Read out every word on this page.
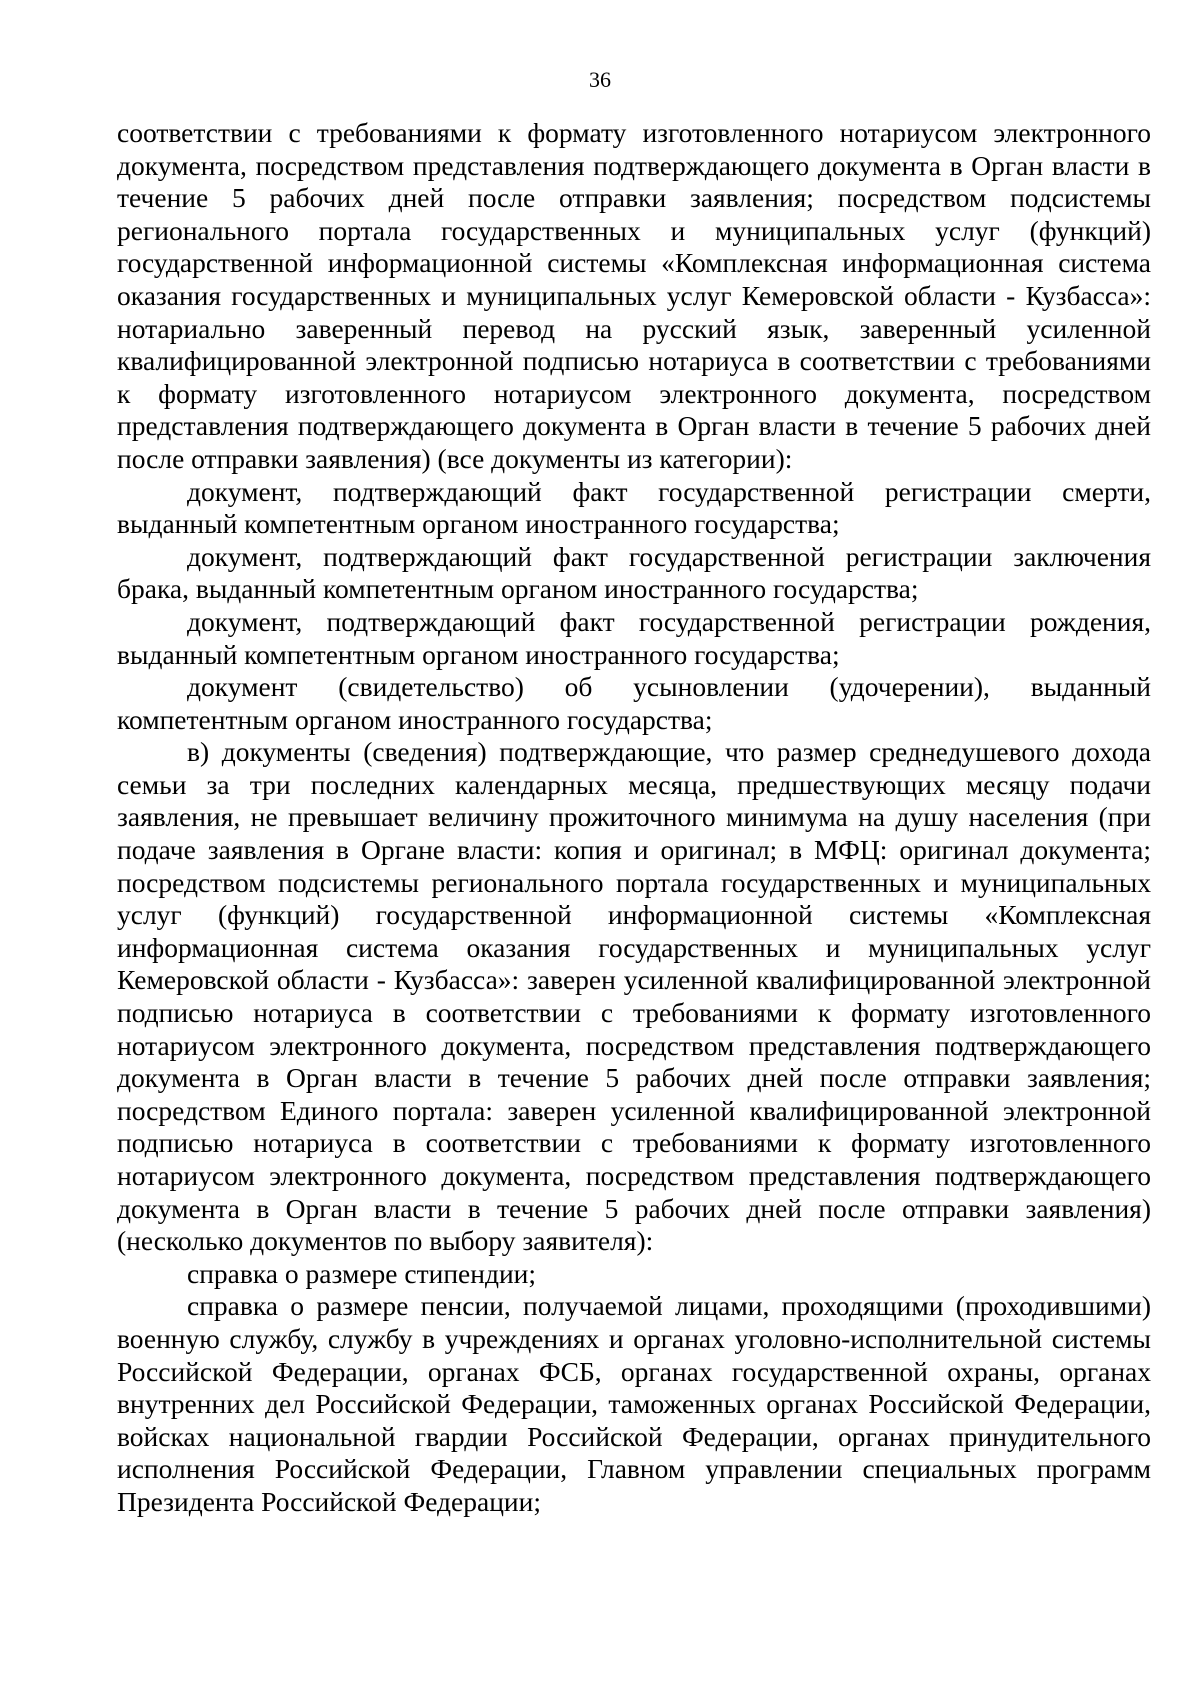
36

соответствии с требованиями к формату изготовленного нотариусом электронного документа, посредством представления подтверждающего документа в Орган власти в течение 5 рабочих дней после отправки заявления; посредством подсистемы регионального портала государственных и муниципальных услуг (функций) государственной информационной системы «Комплексная информационная система оказания государственных и муниципальных услуг Кемеровской области - Кузбасса»: нотариально заверенный перевод на русский язык, заверенный усиленной квалифицированной электронной подписью нотариуса в соответствии с требованиями к формату изготовленного нотариусом электронного документа, посредством представления подтверждающего документа в Орган власти в течение 5 рабочих дней после отправки заявления) (все документы из категории):

документ, подтверждающий факт государственной регистрации смерти, выданный компетентным органом иностранного государства;

документ, подтверждающий факт государственной регистрации заключения брака, выданный компетентным органом иностранного государства;

документ, подтверждающий факт государственной регистрации рождения, выданный компетентным органом иностранного государства;

документ (свидетельство) об усыновлении (удочерении), выданный компетентным органом иностранного государства;

в) документы (сведения) подтверждающие, что размер среднедушевого дохода семьи за три последних календарных месяца, предшествующих месяцу подачи заявления, не превышает величину прожиточного минимума на душу населения (при подаче заявления в Органе власти: копия и оригинал; в МФЦ: оригинал документа; посредством подсистемы регионального портала государственных и муниципальных услуг (функций) государственной информационной системы «Комплексная информационная система оказания государственных и муниципальных услуг Кемеровской области - Кузбасса»: заверен усиленной квалифицированной электронной подписью нотариуса в соответствии с требованиями к формату изготовленного нотариусом электронного документа, посредством представления подтверждающего документа в Орган власти в течение 5 рабочих дней после отправки заявления; посредством Единого портала: заверен усиленной квалифицированной электронной подписью нотариуса в соответствии с требованиями к формату изготовленного нотариусом электронного документа, посредством представления подтверждающего документа в Орган власти в течение 5 рабочих дней после отправки заявления) (несколько документов по выбору заявителя):

справка о размере стипендии;

справка о размере пенсии, получаемой лицами, проходящими (проходившими) военную службу, службу в учреждениях и органах уголовно-исполнительной системы Российской Федерации, органах ФСБ, органах государственной охраны, органах внутренних дел Российской Федерации, таможенных органах Российской Федерации, войсках национальной гвардии Российской Федерации, органах принудительного исполнения Российской Федерации, Главном управлении специальных программ Президента Российской Федерации;
